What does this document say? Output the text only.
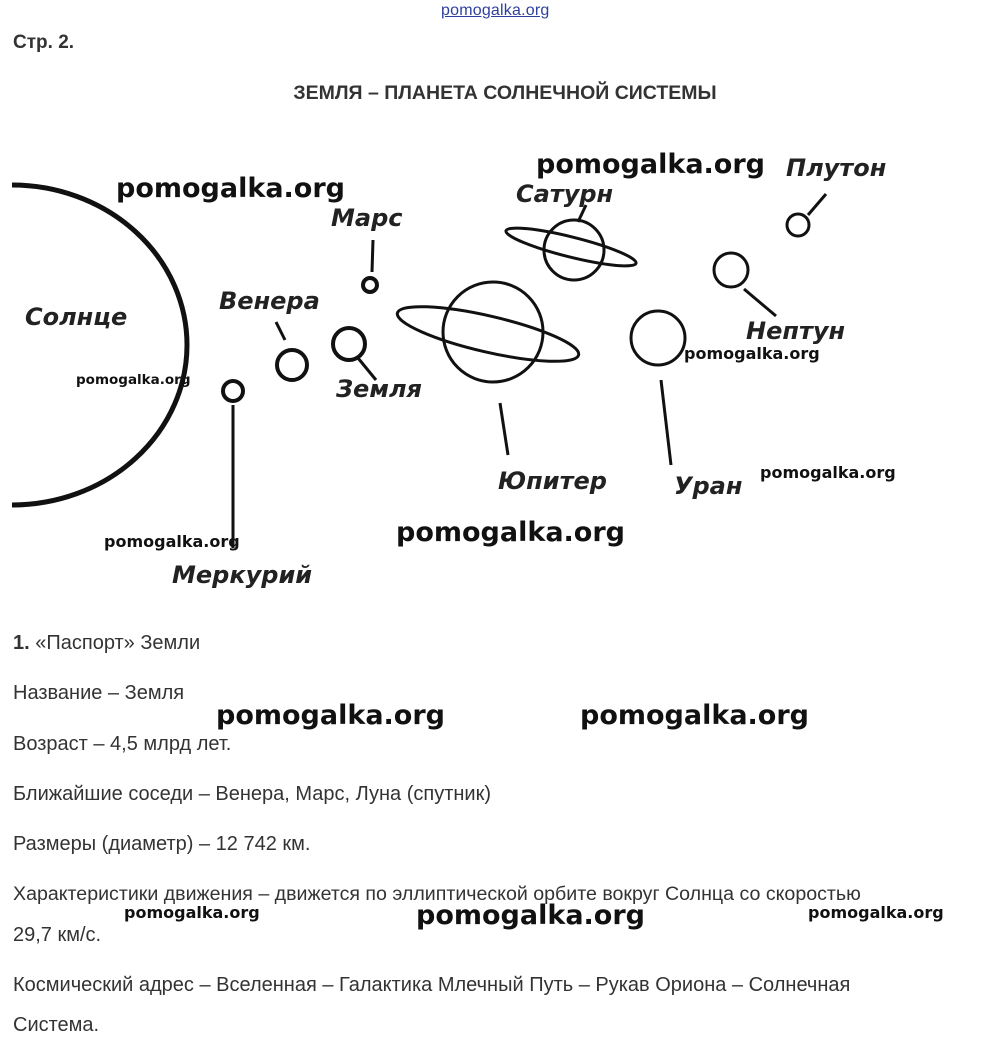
pomogalka.org
Стр. 2.
ЗЕМЛЯ – ПЛАНЕТА СОЛНЕЧНОЙ СИСТЕМЫ
Солнце
Меркурий
Венера
Земля
Марс
Юпитер
Сатурн
Уран
Нептун
Плутон
pomogalka.org
pomogalka.org
pomogalka.org
pomogalka.org
pomogalka.org
pomogalka.org
pomogalka.org
1. «Паспорт» Земли
Название – Земля
Возраст – 4,5 млрд лет.
Ближайшие соседи – Венера, Марс, Луна (спутник)
Размеры (диаметр) – 12 742 км.
Характеристики движения – движется по эллиптической орбите вокруг Солнца со скоростью
29,7 км/с.
Космический адрес – Вселенная – Галактика Млечный Путь – Рукав Ориона – Солнечная
Система.
pomogalka.org	pomogalka.org
pomogalka.org	pomogalka.org	pomogalka.org
